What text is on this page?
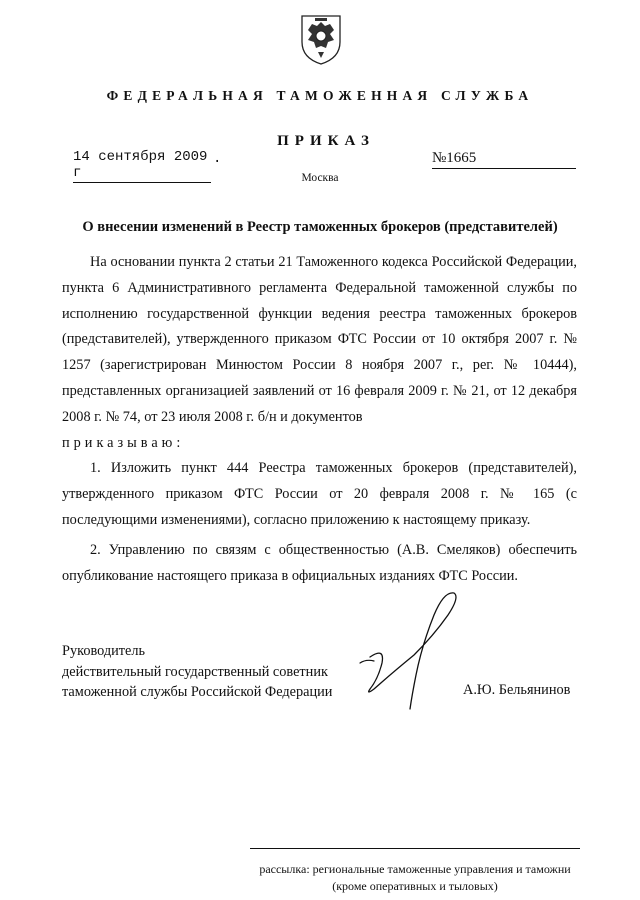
ФЕДЕРАЛЬНАЯ ТАМОЖЕННАЯ СЛУЖБА
ПРИКАЗ
14 сентября 2009 г
.	№1665
Москва
О внесении изменений в Реестр таможенных брокеров (представителей)

На основании пункта 2 статьи 21 Таможенного кодекса Российской Федерации, пункта 6 Административного регламента Федеральной таможенной службы по исполнению государственной функции ведения реестра таможенных брокеров (представителей), утвержденного приказом ФТС России от 10 октября 2007 г. № 1257 (зарегистрирован Минюстом России 8 ноября 2007 г., рег. № 10444), представленных организацией заявлений от 16 февраля 2009 г. № 21, от 12 декабря 2008 г. № 74, от 23 июля 2008 г. б/н и документов

приказываю:

1. Изложить пункт 444 Реестра таможенных брокеров (представителей), утвержденного приказом ФТС России от 20 февраля 2008 г. № 165 (с последующими изменениями), согласно приложению к настоящему приказу.

2. Управлению по связям с общественностью (А.В. Смеляков) обеспечить опубликование настоящего приказа в официальных изданиях ФТС России.

Руководитель
действительный государственный советник
таможенной службы Российской Федерации	А.Ю. Бельянинов
рассылка: региональные таможенные управления и таможни
(кроме оперативных и тыловых)
